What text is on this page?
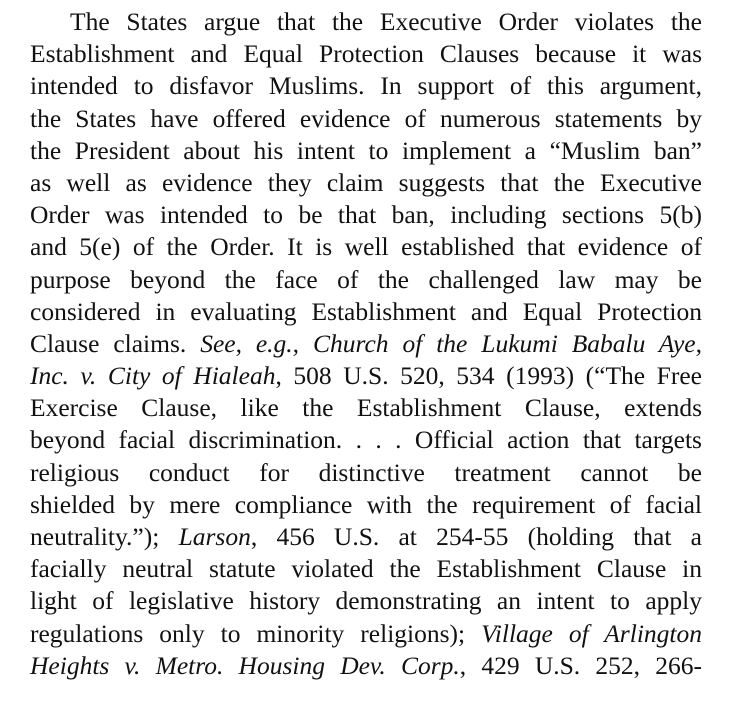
The States argue that the Executive Order violates the
Establishment and Equal Protection Clauses because it was
intended to disfavor Muslims. In support of this argument,
the States have offered evidence of numerous statements by
the President about his intent to implement a “Muslim ban”
as well as evidence they claim suggests that the Executive
Order was intended to be that ban, including sections 5(b)
and 5(e) of the Order. It is well established that evidence of
purpose beyond the face of the challenged law may be
considered in evaluating Establishment and Equal Protection
Clause claims. See, e.g., Church of the Lukumi Babalu Aye,
Inc. v. City of Hialeah, 508 U.S. 520, 534 (1993) (“The Free
Exercise Clause, like the Establishment Clause, extends
beyond facial discrimination. . . . Official action that targets
religious conduct for distinctive treatment cannot be
shielded by mere compliance with the requirement of facial
neutrality.”); Larson, 456 U.S. at 254-55 (holding that a
facially neutral statute violated the Establishment Clause in
light of legislative history demonstrating an intent to apply
regulations only to minority religions); Village of Arlington
Heights v. Metro. Housing Dev. Corp., 429 U.S. 252, 266-
